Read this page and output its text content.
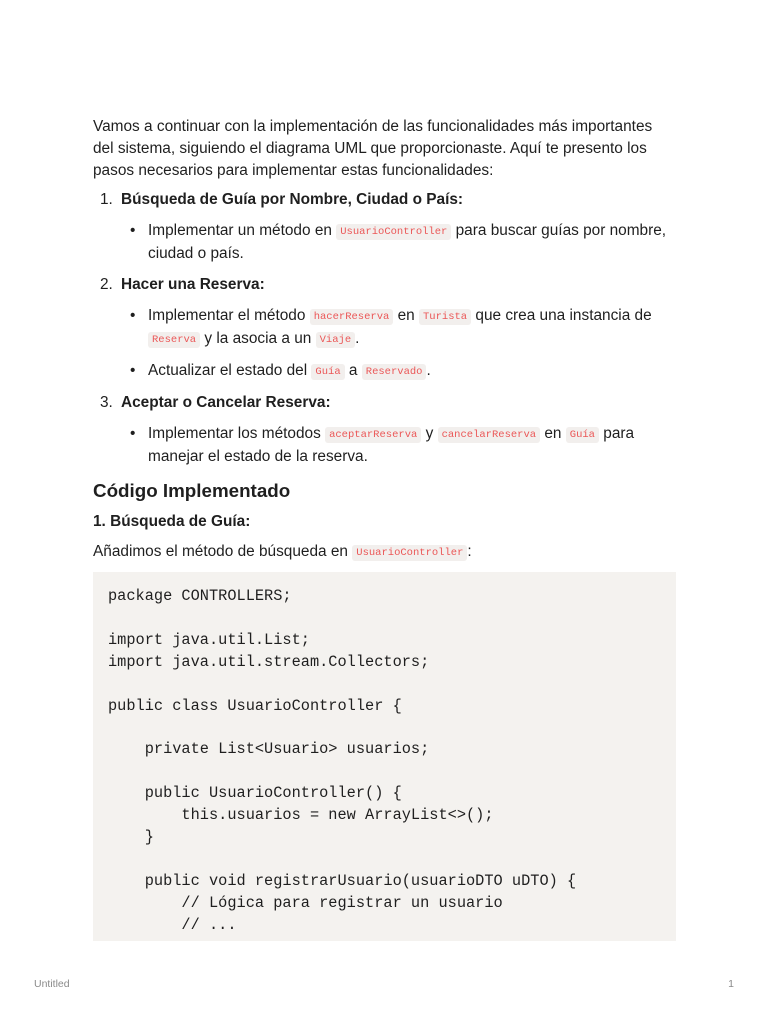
Vamos a continuar con la implementación de las funcionalidades más importantes del sistema, siguiendo el diagrama UML que proporcionaste. Aquí te presento los pasos necesarios para implementar estas funcionalidades:

1. Búsqueda de Guía por Nombre, Ciudad o País:
• Implementar un método en UsuarioController para buscar guías por nombre, ciudad o país.
2. Hacer una Reserva:
• Implementar el método hacerReserva en Turista que crea una instancia de Reserva y la asocia a un Viaje .
• Actualizar el estado del Guía a Reservado .
3. Aceptar o Cancelar Reserva:
• Implementar los métodos aceptarReserva y cancelarReserva en Guía para manejar el estado de la reserva.
Código Implementado

1. Búsqueda de Guía:

Añadimos el método de búsqueda en UsuarioController :

package CONTROLLERS;

import java.util.List;
import java.util.stream.Collectors;

public class UsuarioController {

private List<Usuario> usuarios;

public UsuarioController() {
this.usuarios = new ArrayList<>();
}

public void registrarUsuario(usuarioDTO uDTO) {
// Lógica para registrar un usuario
// ...
Untitled	1
